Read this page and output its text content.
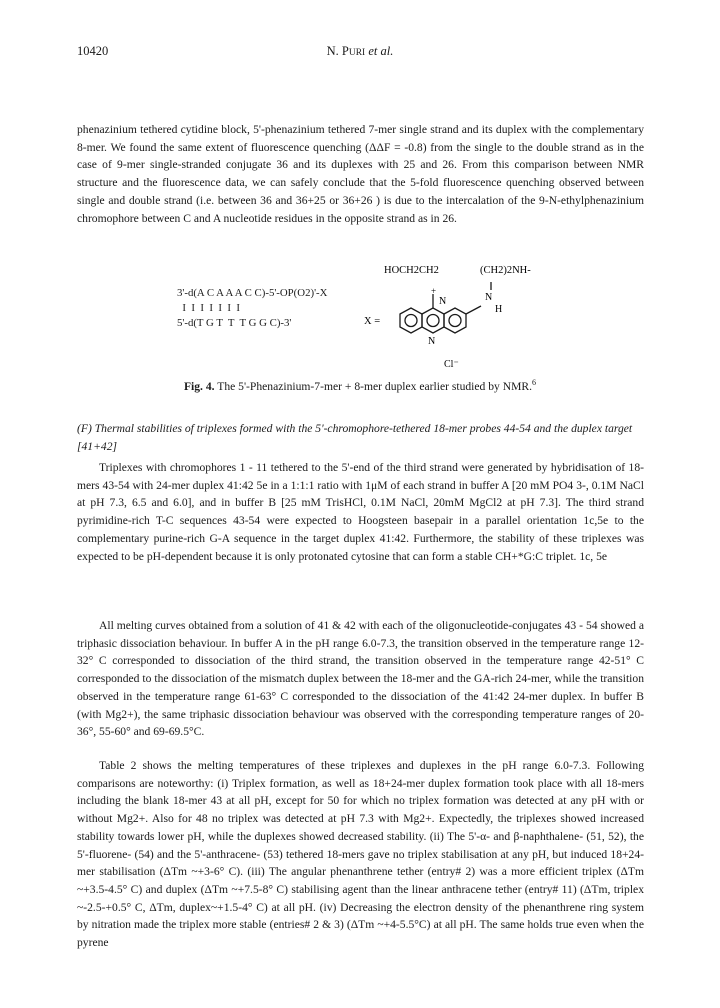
10420	N. PURI et al.

phenazinium tethered cytidine block, 5'-phenazinium tethered 7-mer single strand and its duplex with the complementary 8-mer. We found the same extent of fluorescence quenching (ΔΔF = -0.8) from the single to the double strand as in the case of 9-mer single-stranded conjugate 36 and its duplexes with 25 and 26. From this comparison between NMR structure and the fluorescence data, we can safely conclude that the 5-fold fluorescence quenching observed between single and double strand (i.e. between 36 and 36+25 or 36+26 ) is due to the intercalation of the 9-N-ethylphenazinium chromophore between C and A nucleotide residues in the opposite strand as in 26.

3'-d(A C A A A C C)-5'-OP(O2)'-X
I  I  I  I  I  I  I
5'-d(T G T  T  T G G C)-3'
HOCH2CH2	(CH2)2NH-
X =
+
N	N
H
N
Cl⁻
Fig. 4. The 5'-Phenazinium-7-mer + 8-mer duplex earlier studied by NMR.$^6$
(F) Thermal stabilities of triplexes formed with the 5'-chromophore-tethered 18-mer probes 44-54 and the duplex target [41+42]

Triplexes with chromophores 1 - 11 tethered to the 5'-end of the third strand were generated by hybridisation of 18-mers 43-54 with 24-mer duplex 41:42 5e in a 1:1:1 ratio with 1μM of each strand in buffer A [20 mM PO4 3-, 0.1M NaCl at pH 7.3, 6.5 and 6.0], and in buffer B [25 mM TrisHCl, 0.1M NaCl, 20mM MgCl2 at pH 7.3]. The third strand pyrimidine-rich T-C sequences 43-54 were expected to Hoogsteen basepair in a parallel orientation 1c,5e to the complementary purine-rich G-A sequence in the target duplex 41:42. Furthermore, the stability of these triplexes was expected to be pH-dependent because it is only protonated cytosine that can form a stable CH+*G:C triplet. 1c, 5e

All melting curves obtained from a solution of 41 & 42 with each of the oligonucleotide-conjugates 43 - 54 showed a triphasic dissociation behaviour. In buffer A in the pH range 6.0-7.3, the transition observed in the temperature range 12-32° C corresponded to dissociation of the third strand, the transition observed in the temperature range 42-51° C corresponded to the dissociation of the mismatch duplex between the 18-mer and the GA-rich 24-mer, while the transition observed in the temperature range 61-63° C corresponded to the dissociation of the 41:42 24-mer duplex. In buffer B (with Mg2+), the same triphasic dissociation behaviour was observed with the corresponding temperature ranges of 20-36°, 55-60° and 69-69.5°C.

Table 2 shows the melting temperatures of these triplexes and duplexes in the pH range 6.0-7.3. Following comparisons are noteworthy: (i) Triplex formation, as well as 18+24-mer duplex formation took place with all 18-mers including the blank 18-mer 43 at all pH, except for 50 for which no triplex formation was detected at any pH with or without Mg2+. Also for 48 no triplex was detected at pH 7.3 with Mg2+. Expectedly, the triplexes showed increased stability towards lower pH, while the duplexes showed decreased stability. (ii) The 5'-α- and β-naphthalene- (51, 52), the 5'-fluorene- (54) and the 5'-anthracene- (53) tethered 18-mers gave no triplex stabilisation at any pH, but induced 18+24-mer stabilisation (ΔTm ~+3-6° C). (iii) The angular phenanthrene tether (entry# 2) was a more efficient triplex (ΔTm ~+3.5-4.5° C) and duplex (ΔTm ~+7.5-8° C) stabilising agent than the linear anthracene tether (entry# 11) (ΔTm, triplex ~-2.5-+0.5° C, ΔTm, duplex~+1.5-4° C) at all pH. (iv) Decreasing the electron density of the phenanthrene ring system by nitration made the triplex more stable (entries# 2 & 3) (ΔTm ~+4-5.5°C) at all pH. The same holds true even when the pyrene
